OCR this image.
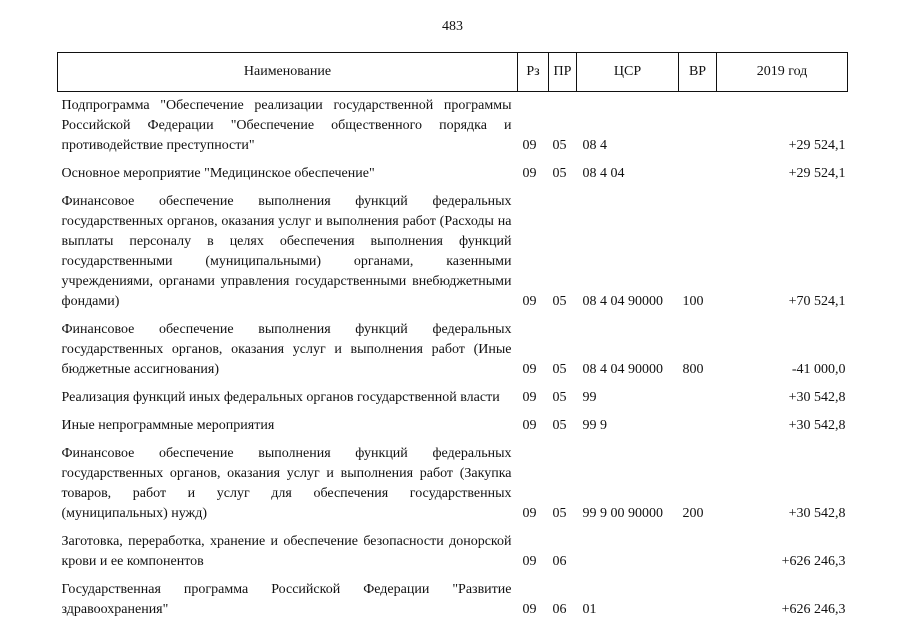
483
Наименование	Рз	ПР	ЦСР	ВР	2019 год

Подпрограмма "Обеспечение реализации государственной программы Российской Федерации "Обеспечение общественного порядка и противодействие преступности"	09	05	08 4		+29 524,1
Основное мероприятие "Медицинское обеспечение"	09	05	08 4 04		+29 524,1
Финансовое обеспечение выполнения функций федеральных государственных органов, оказания услуг и выполнения работ (Расходы на выплаты персоналу в целях обеспечения выполнения функций государственными (муниципальными) органами, казенными учреждениями, органами управления государственными внебюджетными фондами)	09	05	08 4 04 90000	100	+70 524,1
Финансовое обеспечение выполнения функций федеральных государственных органов, оказания услуг и выполнения работ (Иные бюджетные ассигнования)	09	05	08 4 04 90000	800	-41 000,0
Реализация функций иных федеральных органов государственной власти	09	05	99		+30 542,8
Иные непрограммные мероприятия	09	05	99 9		+30 542,8
Финансовое обеспечение выполнения функций федеральных государственных органов, оказания услуг и выполнения работ (Закупка товаров, работ и услуг для обеспечения государственных (муниципальных) нужд)	09	05	99 9 00 90000	200	+30 542,8
Заготовка, переработка, хранение и обеспечение безопасности донорской крови и ее компонентов	09	06			+626 246,3
Государственная программа Российской Федерации "Развитие здравоохранения"	09	06	01		+626 246,3
